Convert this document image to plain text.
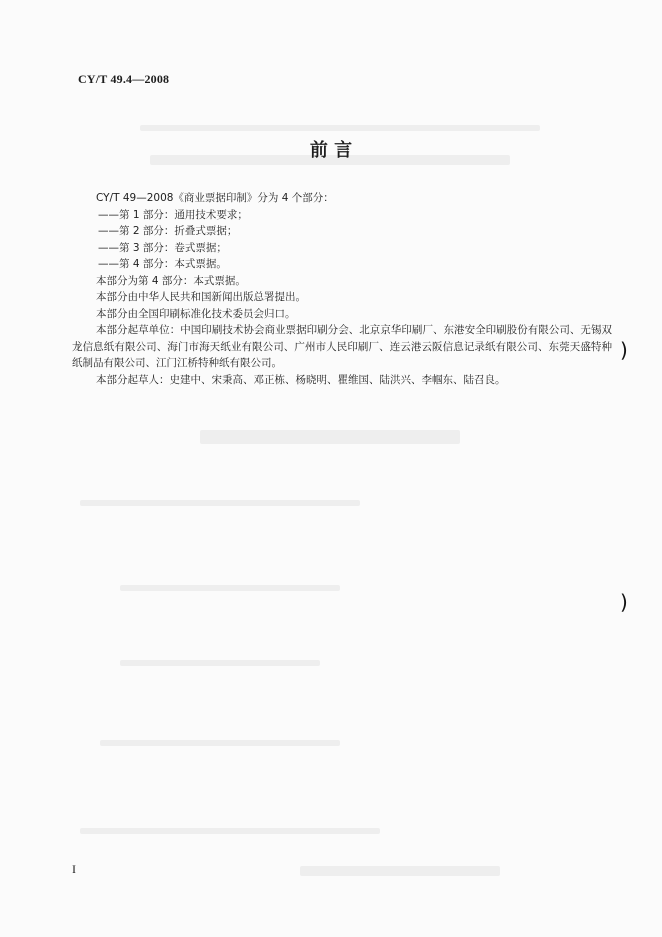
)
)
CY/T 49.4—2008
前 言

CY/T 49—2008《商业票据印制》分为 4 个部分：

——第 1 部分：通用技术要求；

——第 2 部分：折叠式票据；

——第 3 部分：卷式票据；

——第 4 部分：本式票据。

本部分为第 4 部分：本式票据。

本部分由中华人民共和国新闻出版总署提出。

本部分由全国印刷标准化技术委员会归口。

本部分起草单位：中国印刷技术协会商业票据印刷分会、北京京华印刷厂、东港安全印刷股份有限公司、无锡双龙信息纸有限公司、海门市海天纸业有限公司、广州市人民印刷厂、连云港云阪信息记录纸有限公司、东莞天盛特种纸制品有限公司、江门江桥特种纸有限公司。

本部分起草人：史建中、宋秉高、邓正栋、杨晓明、瞿维国、陆洪兴、李帼东、陆召良。

I
